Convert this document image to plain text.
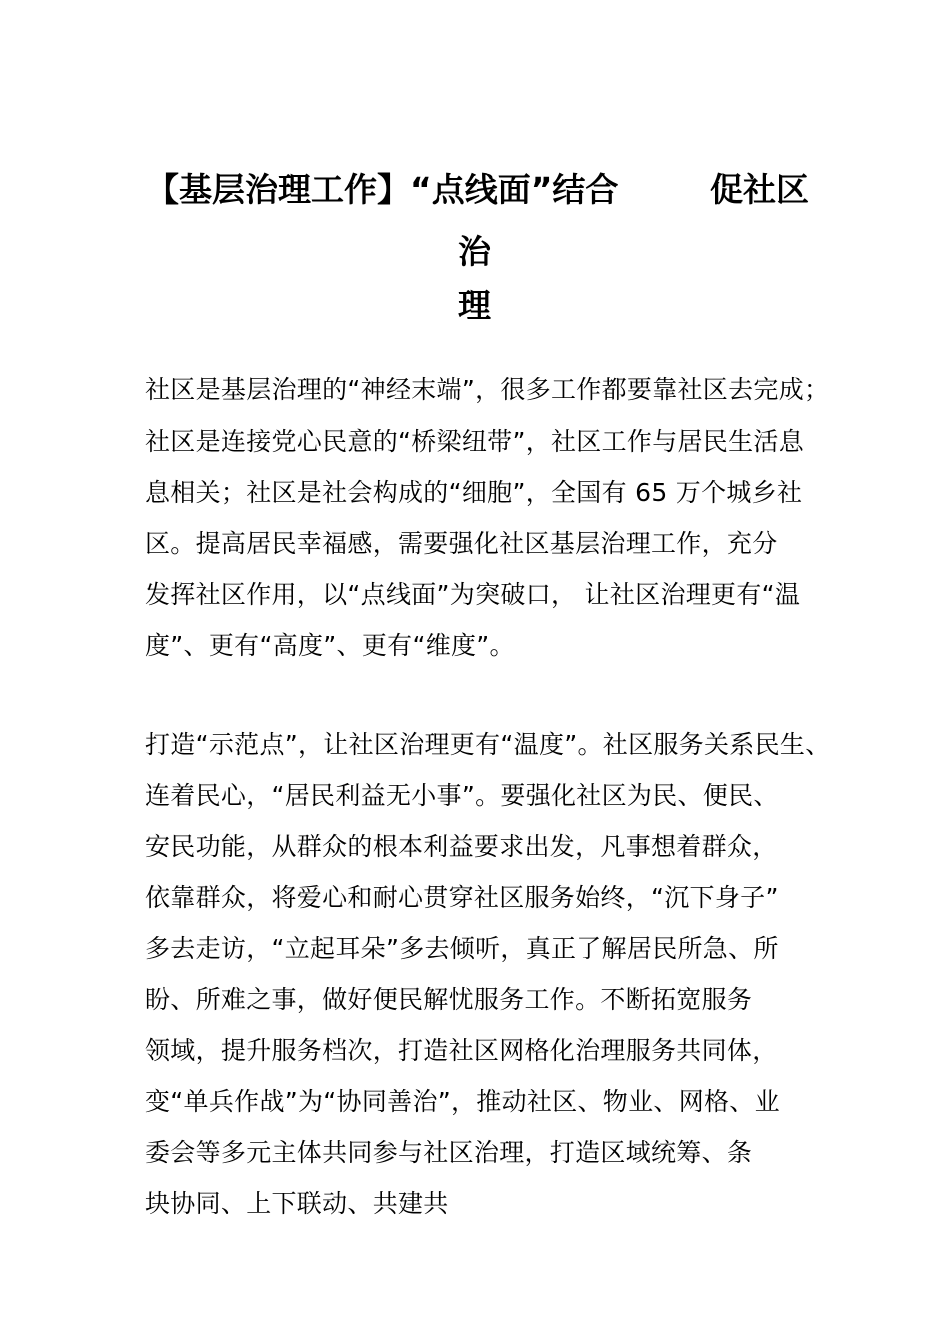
【基层治理工作】“点线面”结合	促社区
治
理
社区是基层治理的“神经末端”，很多工作都要靠社区去完成；
社区是连接党心民意的“桥梁纽带”，社区工作与居民生活息
息相关；社区是社会构成的“细胞”，全国有 65 万个城乡社
区。提高居民幸福感，需要强化社区基层治理工作，充分
发挥社区作用，以“点线面”为突破口， 让社区治理更有“温
度”、更有“高度”、更有“维度”。
打造“示范点”，让社区治理更有“温度”。社区服务关系民生、
连着民心，“居民利益无小事”。要强化社区为民、便民、
安民功能，从群众的根本利益要求出发，凡事想着群众，
依靠群众，将爱心和耐心贯穿社区服务始终，“沉下身子”
多去走访，“立起耳朵”多去倾听，真正了解居民所急、所
盼、所难之事，做好便民解忧服务工作。不断拓宽服务
领域，提升服务档次，打造社区网格化治理服务共同体，
变“单兵作战”为“协同善治”，推动社区、物业、网格、业
委会等多元主体共同参与社区治理，打造区域统筹、条
块协同、上下联动、共建共
